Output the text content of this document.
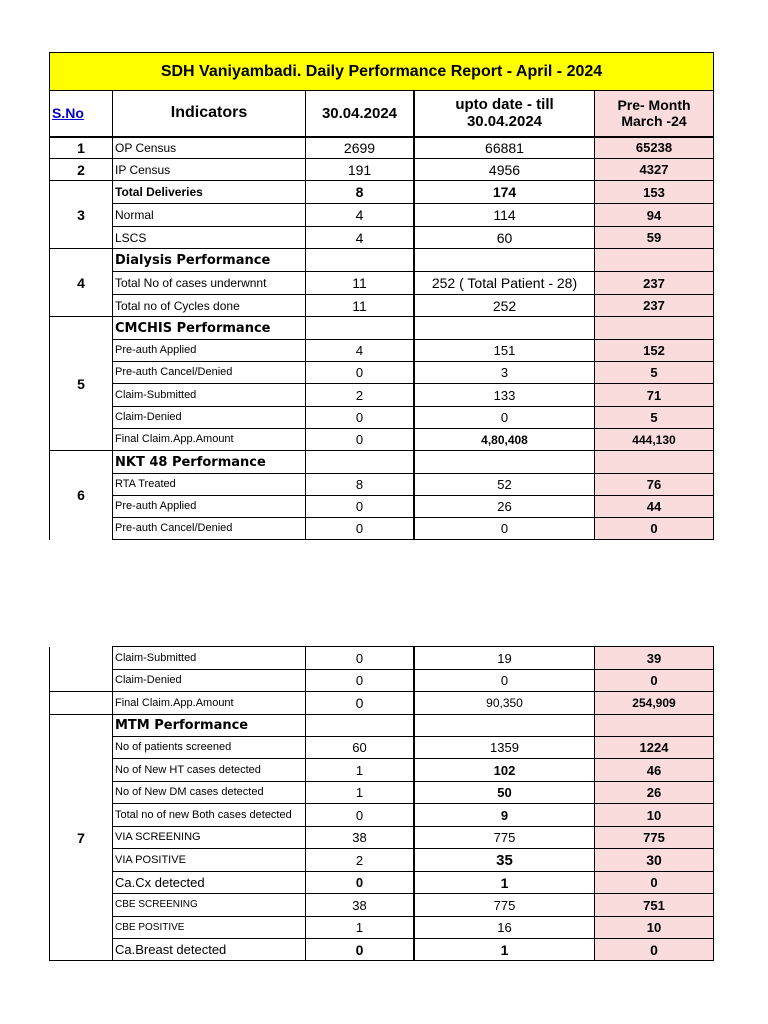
SDH Vaniyambadi. Daily Performance Report - April - 2024				
S.No	Indicators	30.04.2024	upto date - till 30.04.2024	Pre- Month March -24
1	OP Census	2699	66881	65238
2	IP Census	191	4956	4327
3	Total Deliveries	8	174	153
	Normal	4	114	94
	LSCS	4	60	59
4	Dialysis Performance			
	Total No of cases underwnnt	11	252 ( Total Patient - 28)	237
	Total no of Cycles done	11	252	237
5	CMCHIS Performance			
	Pre-auth Applied	4	151	152
	Pre-auth Cancel/Denied	0	3	5
	Claim-Submitted	2	133	71
	Claim-Denied	0	0	5
	Final Claim.App.Amount	0	4,80,408	444,130
6	NKT 48 Performance			
	RTA Treated	8	52	76
	Pre-auth Applied	0	26	44
	Pre-auth Cancel/Denied	0	0	0
	Claim-Submitted	0	19	39
	Claim-Denied	0	0	0
	Final Claim.App.Amount	0	90,350	254,909
7	MTM Performance			
	No of patients screened	60	1359	1224
	No of New HT cases detected	1	102	46
	No of New DM cases detected	1	50	26
	Total no of new Both cases detected	0	9	10
	VIA SCREENING	38	775	775
	VIA POSITIVE	2	35	30
	Ca.Cx detected	0	1	0
	CBE SCREENING	38	775	751
	CBE POSITIVE	1	16	10
	Ca.Breast detected	0	1	0
